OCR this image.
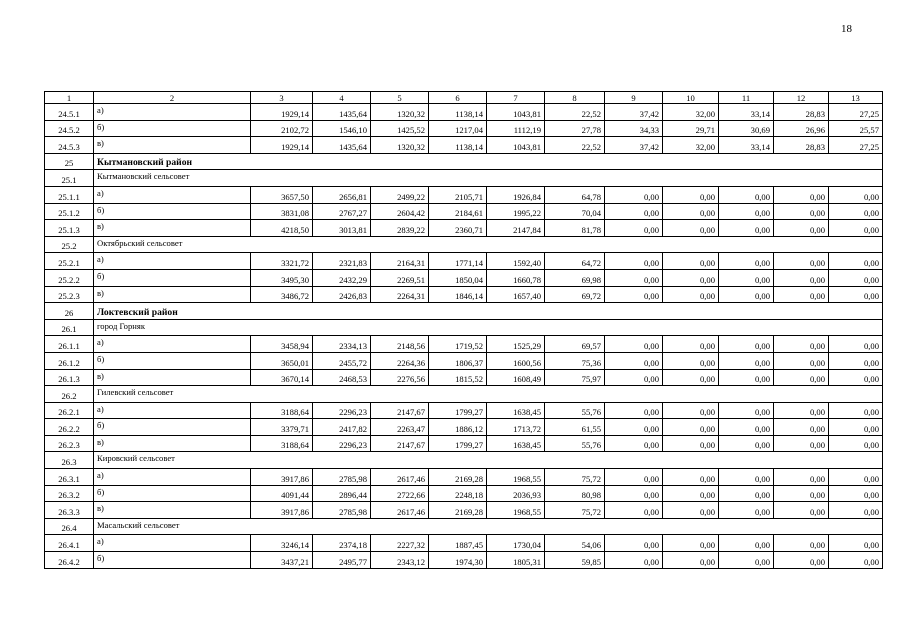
18
1	2	3	4	5	6	7	8	9	10	11	12	13
24.5.1	а)	1929,14	1435,64	1320,32	1138,14	1043,81	22,52	37,42	32,00	33,14	28,83	27,25
24.5.2	б)	2102,72	1546,10	1425,52	1217,04	1112,19	27,78	34,33	29,71	30,69	26,96	25,57
24.5.3	в)	1929,14	1435,64	1320,32	1138,14	1043,81	22,52	37,42	32,00	33,14	28,83	27,25
25	Кытмановский район											
25.1	Кытмановский сельсовет											
25.1.1	а)	3657,50	2656,81	2499,22	2105,71	1926,84	64,78	0,00	0,00	0,00	0,00	0,00
25.1.2	б)	3831,08	2767,27	2604,42	2184,61	1995,22	70,04	0,00	0,00	0,00	0,00	0,00
25.1.3	в)	4218,50	3013,81	2839,22	2360,71	2147,84	81,78	0,00	0,00	0,00	0,00	0,00
25.2	Октябрьский сельсовет											
25.2.1	а)	3321,72	2321,83	2164,31	1771,14	1592,40	64,72	0,00	0,00	0,00	0,00	0,00
25.2.2	б)	3495,30	2432,29	2269,51	1850,04	1660,78	69,98	0,00	0,00	0,00	0,00	0,00
25.2.3	в)	3486,72	2426,83	2264,31	1846,14	1657,40	69,72	0,00	0,00	0,00	0,00	0,00
26	Локтевский район											
26.1	город Горняк											
26.1.1	а)	3458,94	2334,13	2148,56	1719,52	1525,29	69,57	0,00	0,00	0,00	0,00	0,00
26.1.2	б)	3650,01	2455,72	2264,36	1806,37	1600,56	75,36	0,00	0,00	0,00	0,00	0,00
26.1.3	в)	3670,14	2468,53	2276,56	1815,52	1608,49	75,97	0,00	0,00	0,00	0,00	0,00
26.2	Гилевский сельсовет											
26.2.1	а)	3188,64	2296,23	2147,67	1799,27	1638,45	55,76	0,00	0,00	0,00	0,00	0,00
26.2.2	б)	3379,71	2417,82	2263,47	1886,12	1713,72	61,55	0,00	0,00	0,00	0,00	0,00
26.2.3	в)	3188,64	2296,23	2147,67	1799,27	1638,45	55,76	0,00	0,00	0,00	0,00	0,00
26.3	Кировский сельсовет											
26.3.1	а)	3917,86	2785,98	2617,46	2169,28	1968,55	75,72	0,00	0,00	0,00	0,00	0,00
26.3.2	б)	4091,44	2896,44	2722,66	2248,18	2036,93	80,98	0,00	0,00	0,00	0,00	0,00
26.3.3	в)	3917,86	2785,98	2617,46	2169,28	1968,55	75,72	0,00	0,00	0,00	0,00	0,00
26.4	Масальский сельсовет											
26.4.1	а)	3246,14	2374,18	2227,32	1887,45	1730,04	54,06	0,00	0,00	0,00	0,00	0,00
26.4.2	б)	3437,21	2495,77	2343,12	1974,30	1805,31	59,85	0,00	0,00	0,00	0,00	0,00
